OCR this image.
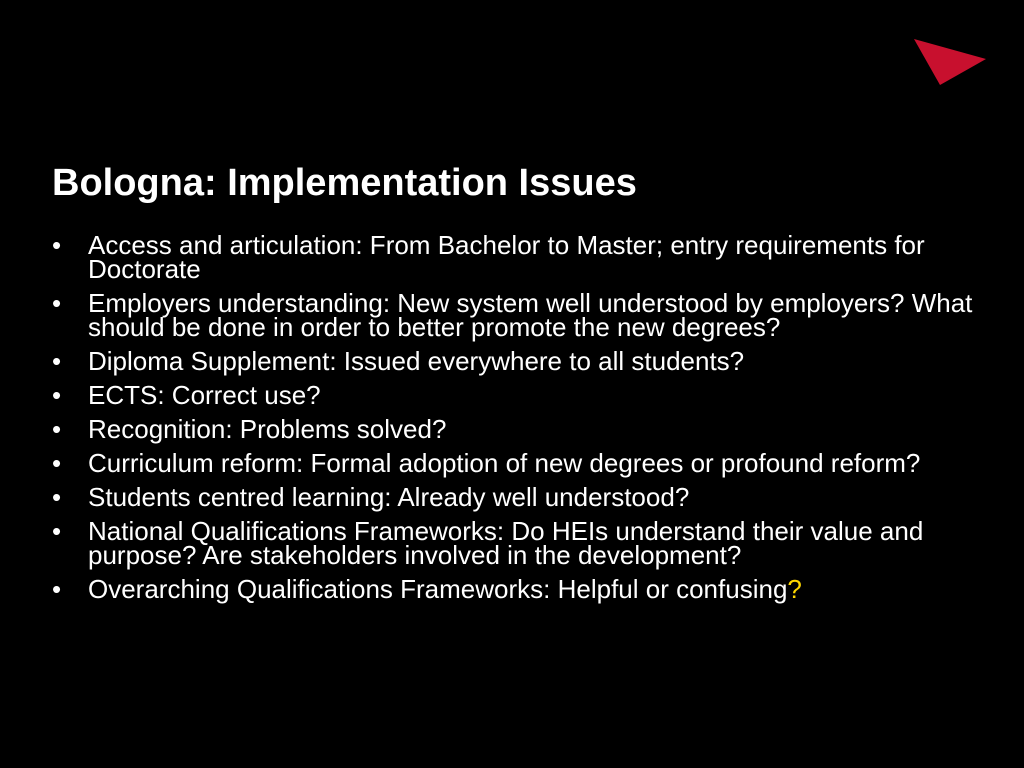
Bologna: Implementation Issues
• Access and articulation: From Bachelor to Master; entry requirements for Doctorate
• Employers understanding: New system well understood by employers? What should be done in order to better promote the new degrees?
• Diploma Supplement: Issued everywhere to all students?
• ECTS: Correct use?
• Recognition: Problems solved?
• Curriculum reform: Formal adoption of new degrees or profound reform?
• Students centred learning: Already well understood?
• National Qualifications Frameworks: Do HEIs understand their value and purpose? Are stakeholders involved in the development?
• Overarching Qualifications Frameworks: Helpful or confusing?
